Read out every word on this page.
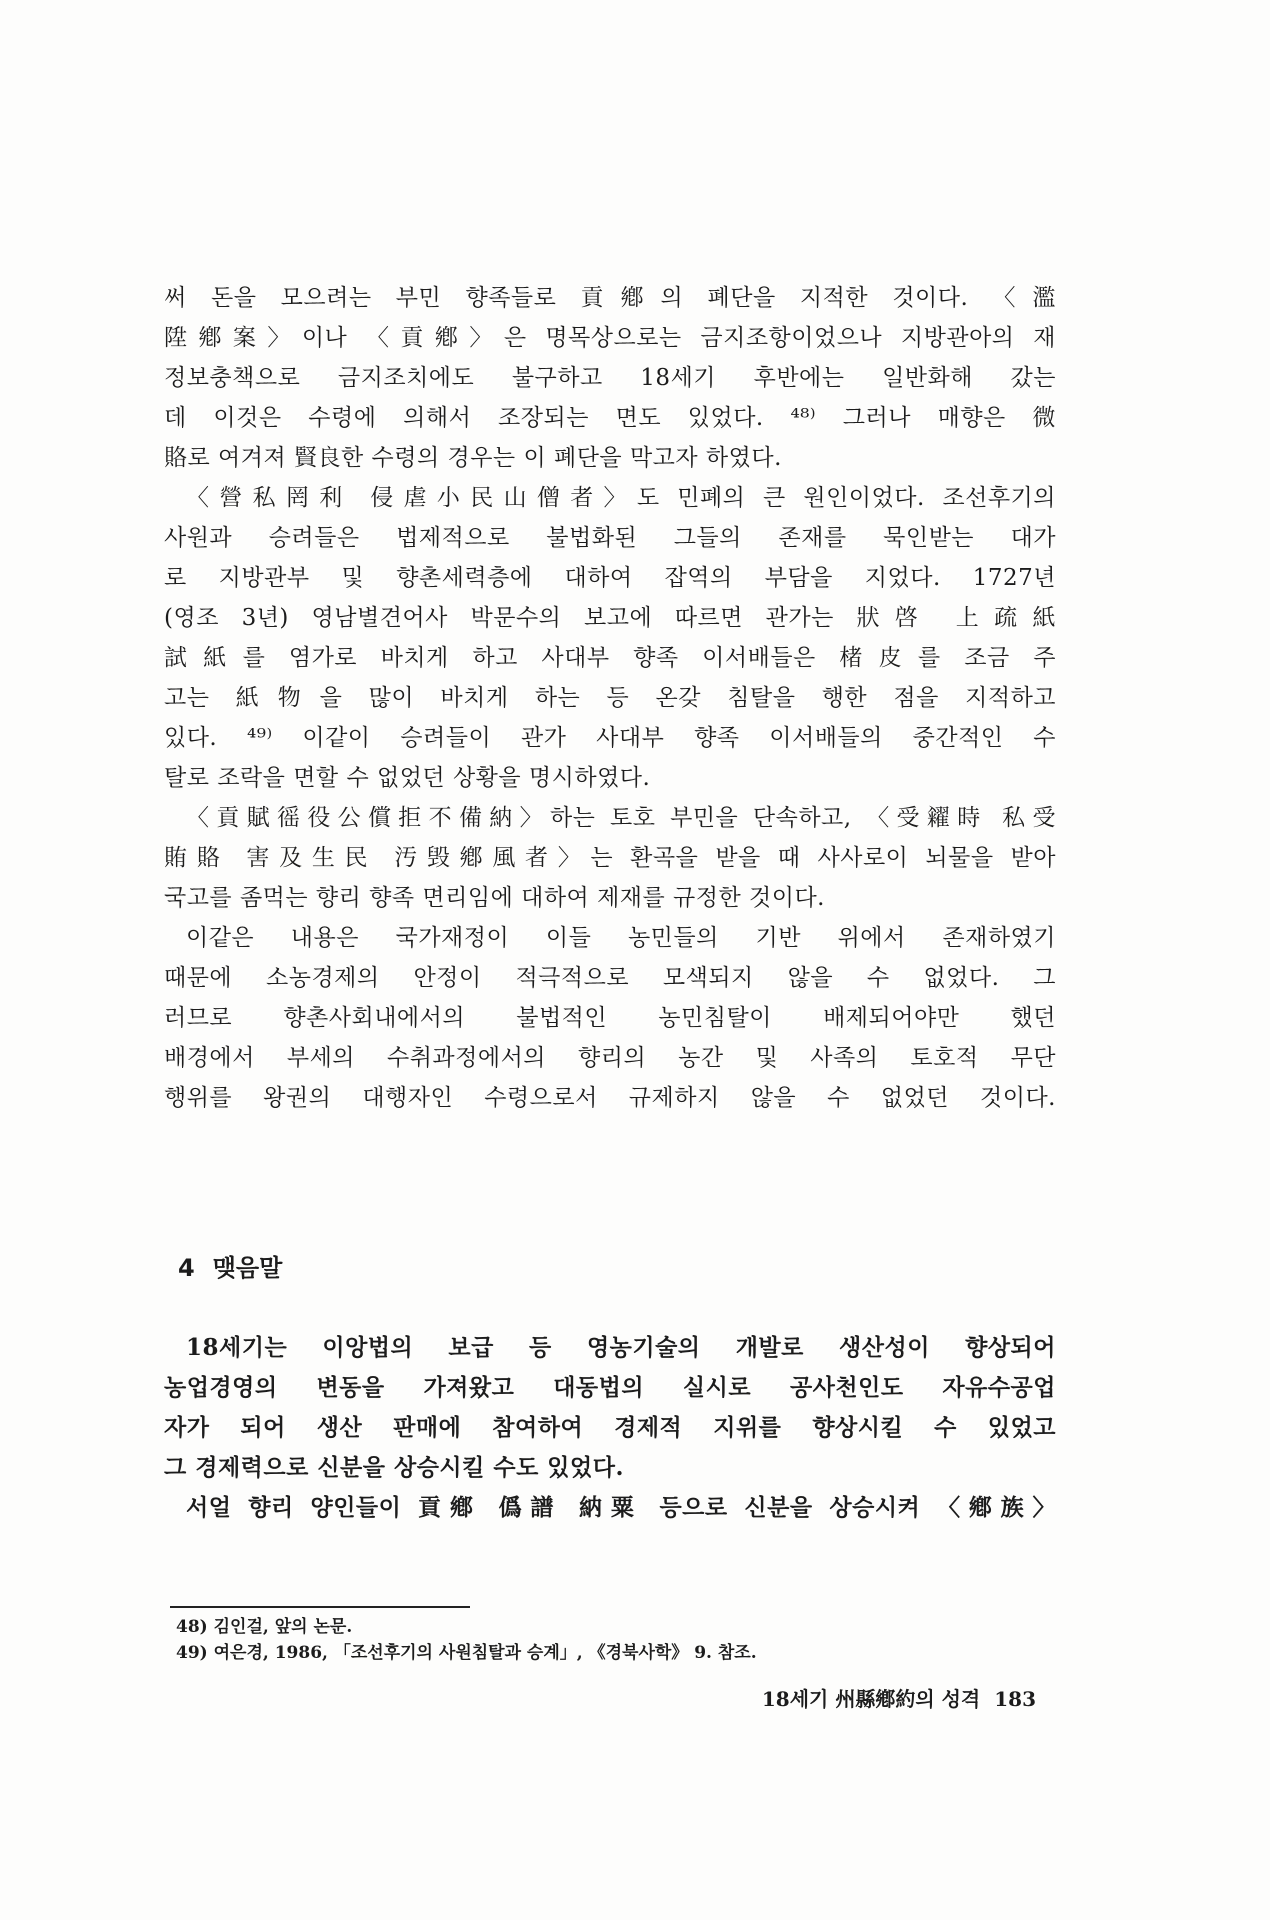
써 돈을 모으려는 부민 향족들로 貢鄕의 폐단을 지적한 것이다. 〈濫
陞鄕案〉이나 〈貢鄕〉은 명목상으로는 금지조항이었으나 지방관아의 재
정보충책으로 금지조치에도 불구하고 18세기 후반에는 일반화해 갔는
데 이것은 수령에 의해서 조장되는 면도 있었다. ⁴⁸⁾ 그러나 매향은 微
賂로 여겨져 賢良한 수령의 경우는 이 폐단을 막고자 하였다.
〈營私罔利 侵虐小民山僧者〉도 민폐의 큰 원인이었다. 조선후기의
사원과 승려들은 법제적으로 불법화된 그들의 존재를 묵인받는 대가
로 지방관부 및 향촌세력층에 대하여 잡역의 부담을 지었다. 1727년
(영조 3년) 영남별견어사 박문수의 보고에 따르면 관가는 狀啓 上疏紙
試紙를 염가로 바치게 하고 사대부 향족 이서배들은 楮皮를 조금 주
고는 紙物을 많이 바치게 하는 등 온갖 침탈을 행한 점을 지적하고
있다. ⁴⁹⁾ 이같이 승려들이 관가 사대부 향족 이서배들의 중간적인 수
탈로 조락을 면할 수 없었던 상황을 명시하였다.
〈貢賦徭役公償拒不備納〉하는 토호 부민을 단속하고, 〈受糴時 私受
賄賂 害及生民 汚毁鄕風者〉는 환곡을 받을 때 사사로이 뇌물을 받아
국고를 좀먹는 향리 향족 면리임에 대하여 제재를 규정한 것이다.
이같은 내용은 국가재정이 이들 농민들의 기반 위에서 존재하였기
때문에 소농경제의 안정이 적극적으로 모색되지 않을 수 없었다. 그
러므로 향촌사회내에서의 불법적인 농민침탈이 배제되어야만 했던
배경에서 부세의 수취과정에서의 향리의 농간 및 사족의 토호적 무단
행위를 왕권의 대행자인 수령으로서 규제하지 않을 수 없었던 것이다.
4 맺음말
18세기는 이앙법의 보급 등 영농기술의 개발로 생산성이 향상되어
농업경영의 변동을 가져왔고 대동법의 실시로 공사천인도 자유수공업
자가 되어 생산 판매에 참여하여 경제적 지위를 향상시킬 수 있었고
그 경제력으로 신분을 상승시킬 수도 있었다.
서얼 향리 양인들이 貢鄕 僞譜 納粟 등으로 신분을 상승시켜 〈鄕族〉
48) 김인걸, 앞의 논문.
49) 여은경, 1986, 「조선후기의 사원침탈과 승계」, 《경북사학》 9. 참조.
18세기 州縣鄕約의 성격 183
